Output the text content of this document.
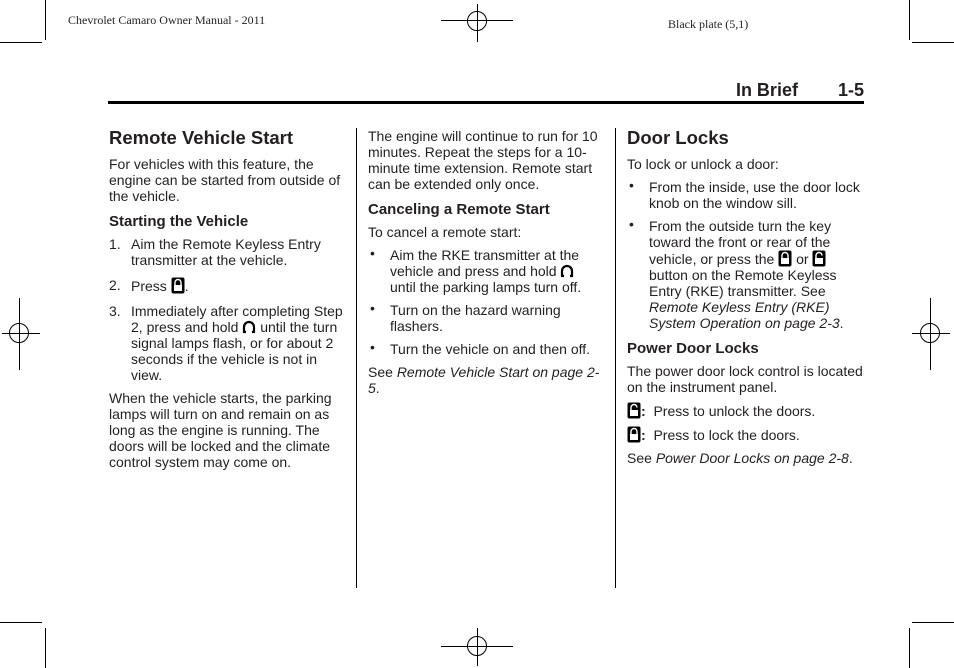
Chevrolet Camaro Owner Manual - 2011	Black plate (5,1)
In Brief 1-5
Remote Vehicle Start

For vehicles with this feature, the engine can be started from outside of the vehicle.

Starting the Vehicle
1. Aim the Remote Keyless Entry transmitter at the vehicle.
2. Press .
3. Immediately after completing Step 2, press and hold until the turn signal lamps flash, or for about 2 seconds if the vehicle is not in view.

When the vehicle starts, the parking lamps will turn on and remain on as long as the engine is running. The doors will be locked and the climate control system may come on.

The engine will continue to run for 10 minutes. Repeat the steps for a 10-minute time extension. Remote start can be extended only once.

Canceling a Remote Start

To cancel a remote start:

• Aim the RKE transmitter at the vehicle and press and hold  until the parking lamps turn off.
• Turn on the hazard warning flashers.
• Turn the vehicle on and then off.

See Remote Vehicle Start on page 2-5.

Door Locks

To lock or unlock a door:

• From the inside, use the door lock knob on the window sill.
• From the outside turn the key toward the front or rear of the vehicle, or press the or  button on the Remote Keyless Entry (RKE) transmitter. See Remote Keyless Entry (RKE) System Operation on page 2-3.
Power Door Locks

The power door lock control is located on the instrument panel.

: Press to unlock the doors.

: Press to lock the doors.

See Power Door Locks on page 2-8.
